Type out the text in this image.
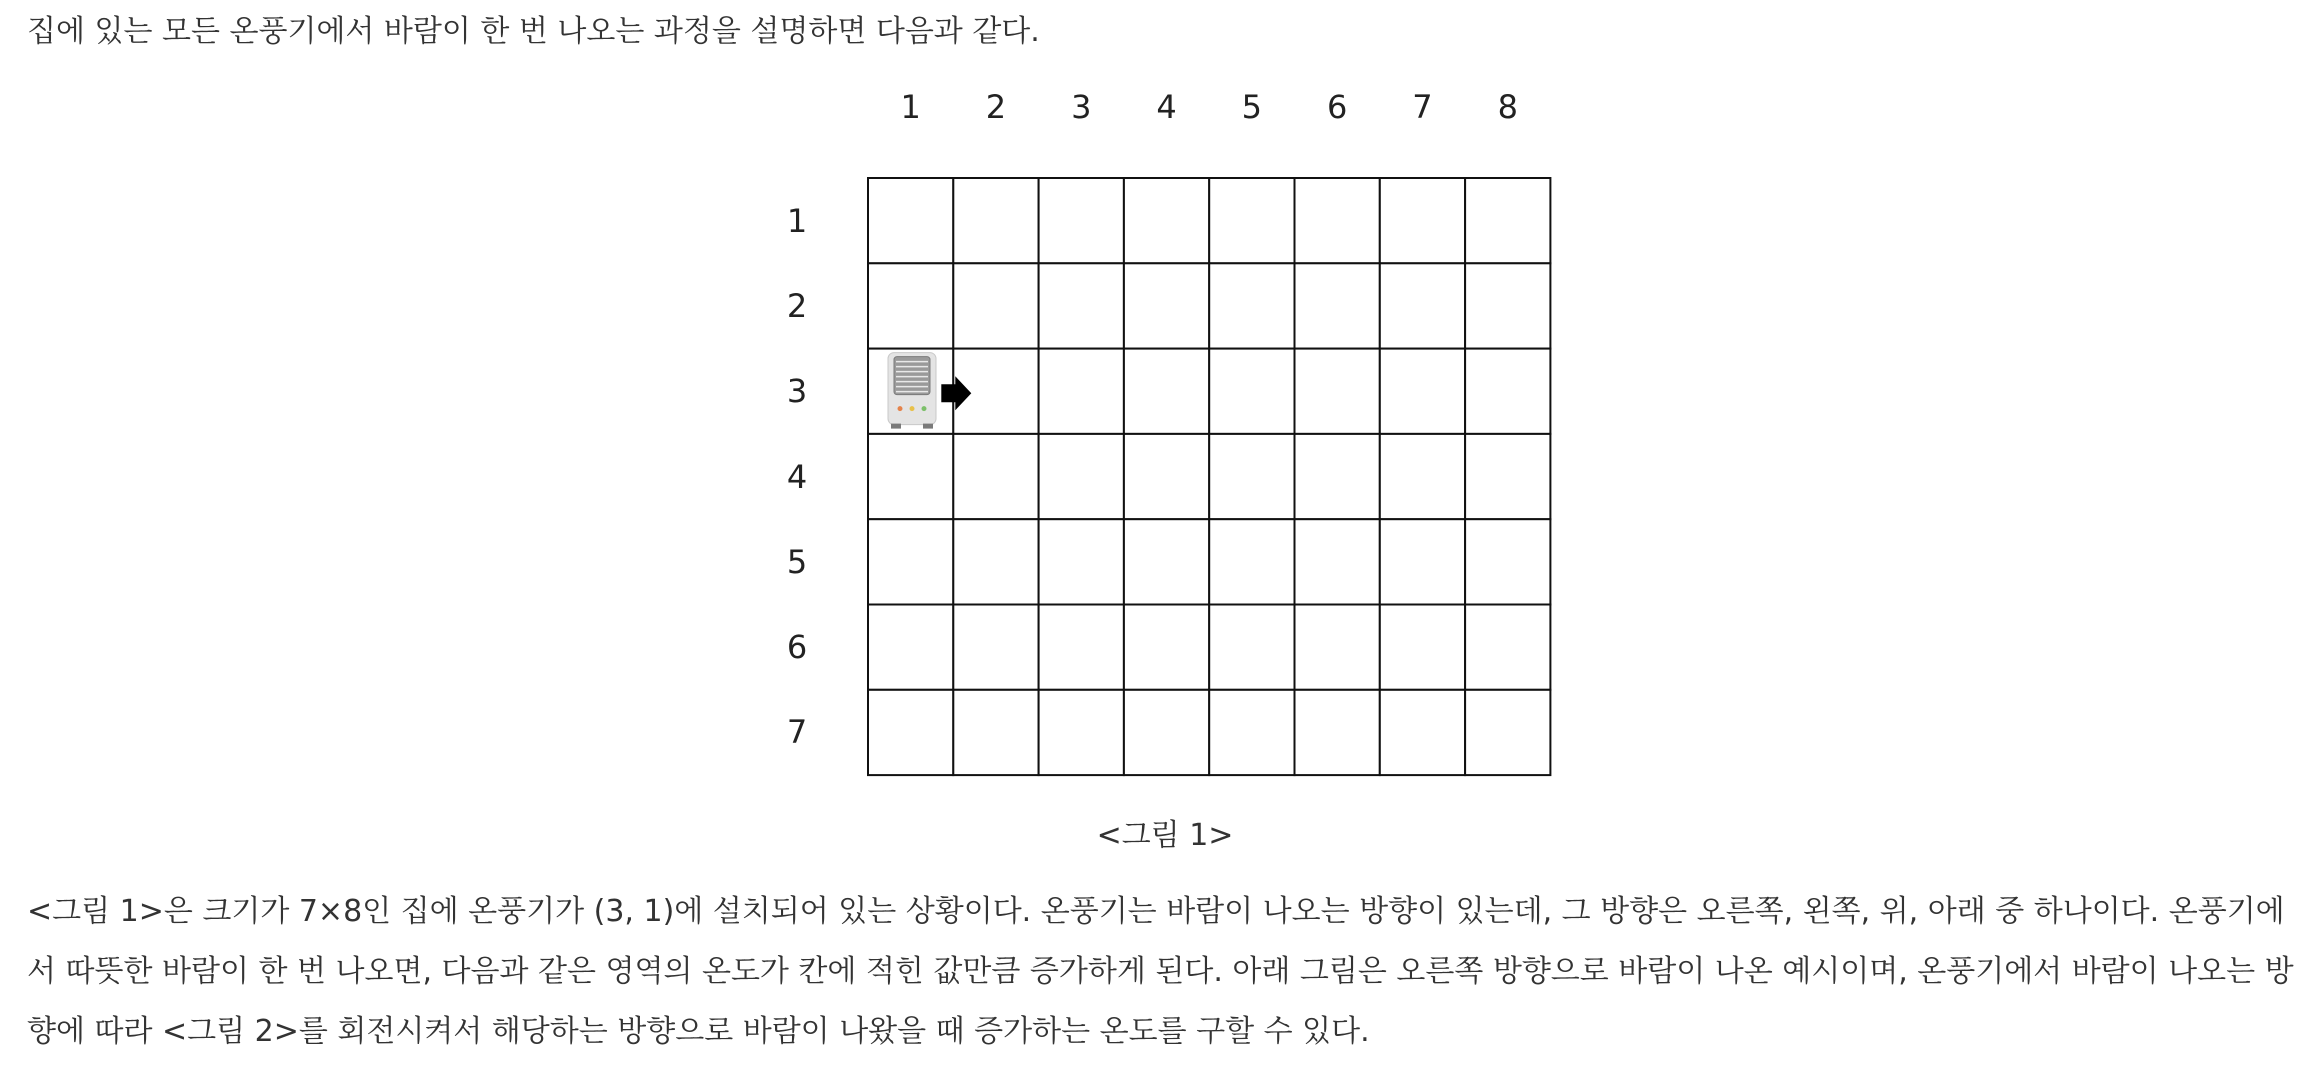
집에 있는 모든 온풍기에서 바람이 한 번 나오는 과정을 설명하면 다음과 같다.

1	2	3	4	5	6	7	8
1
2
3
4
5
6
7
<그림 1>

<그림 1>은 크기가 7×8인 집에 온풍기가 (3, 1)에 설치되어 있는 상황이다. 온풍기는 바람이 나오는 방향이 있는데, 그 방향은 오른쪽, 왼쪽, 위, 아래 중 하나이다. 온풍기에서 따뜻한 바람이 한 번 나오면, 다음과 같은 영역의 온도가 칸에 적힌 값만큼 증가하게 된다. 아래 그림은 오른쪽 방향으로 바람이 나온 예시이며, 온풍기에서 바람이 나오는 방향에 따라 <그림 2>를 회전시켜서 해당하는 방향으로 바람이 나왔을 때 증가하는 온도를 구할 수 있다.
